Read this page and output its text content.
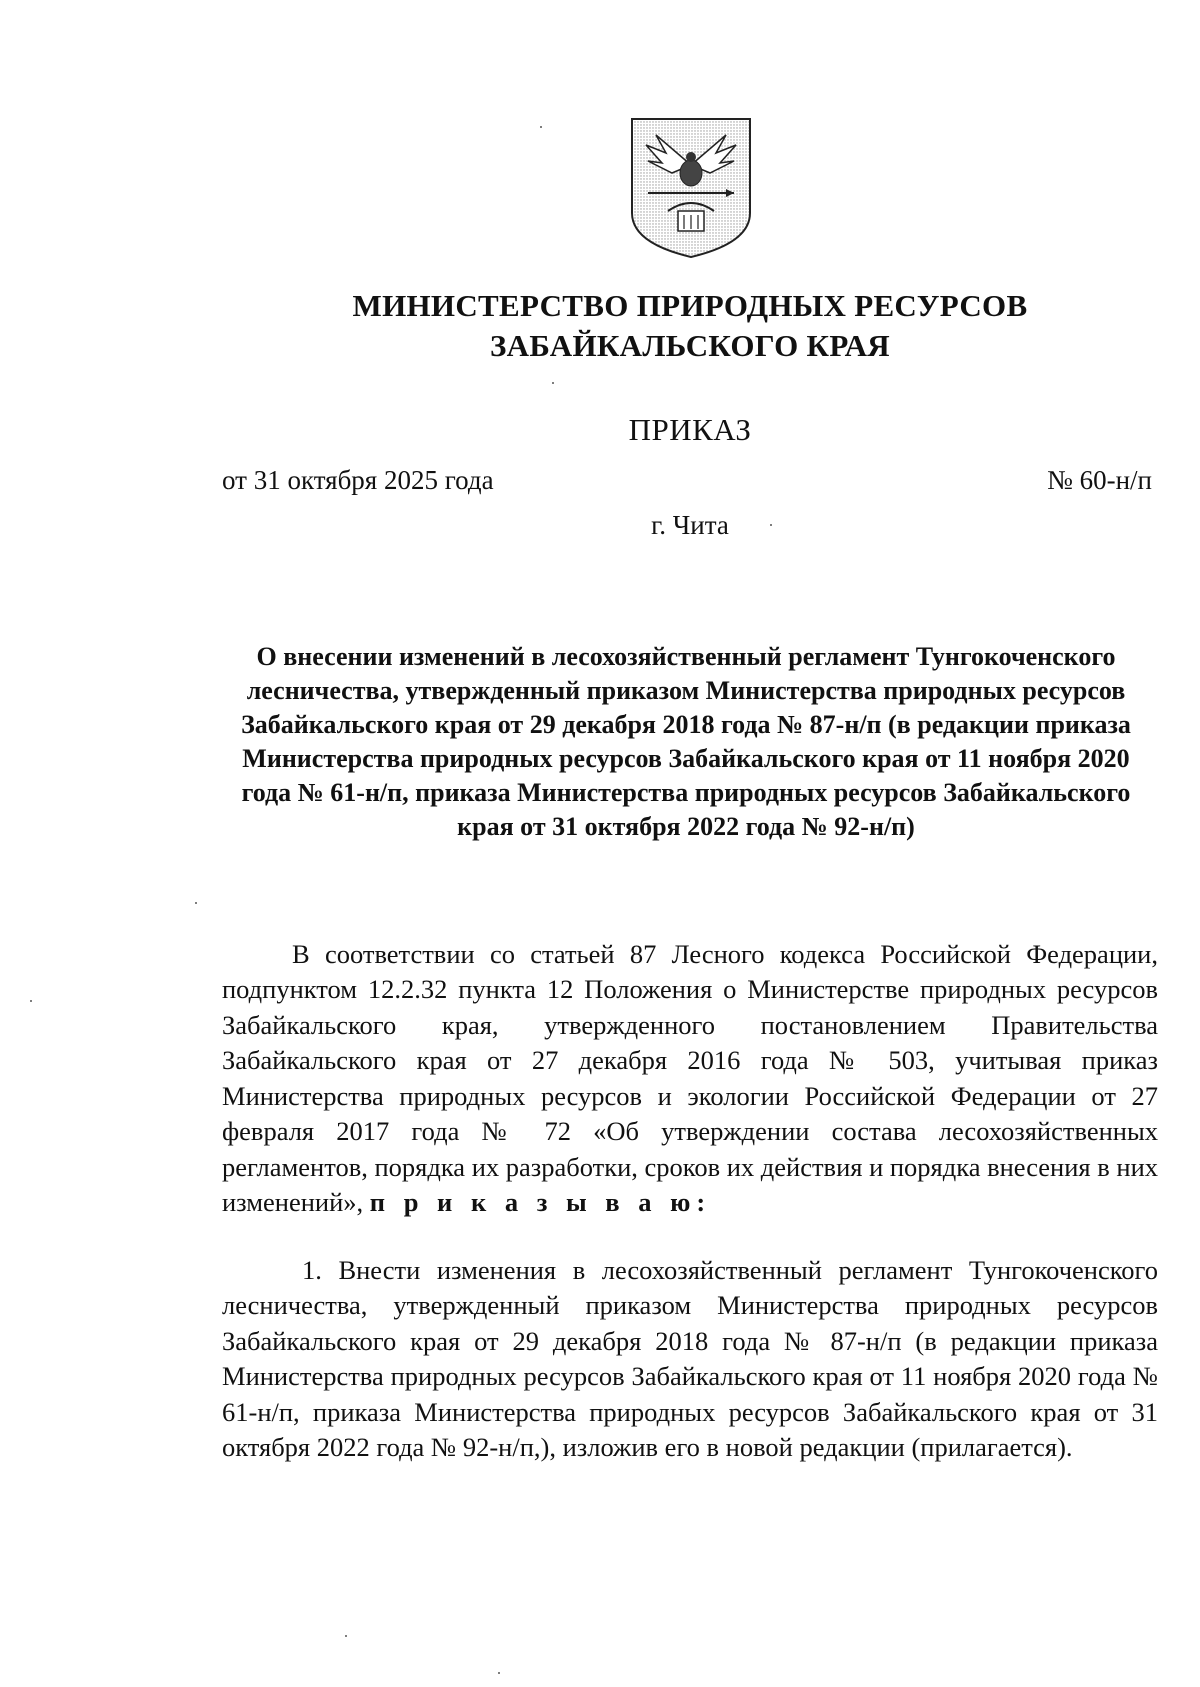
МИНИСТЕРСТВО ПРИРОДНЫХ РЕСУРСОВ
ЗАБАЙКАЛЬСКОГО КРАЯ
ПРИКАЗ
от 31 октября 2025 года	№ 60-н/п
г. Чита
О внесении изменений в лесохозяйственный регламент Тунгокоченского лесничества, утвержденный приказом Министерства природных ресурсов Забайкальского края от 29 декабря 2018 года № 87-н/п (в редакции приказа Министерства природных ресурсов Забайкальского края от 11 ноября 2020 года № 61-н/п, приказа Министерства природных ресурсов Забайкальского края от 31 октября 2022 года № 92-н/п)

В соответствии со статьей 87 Лесного кодекса Российской Федерации, подпунктом 12.2.32 пункта 12 Положения о Министерстве природных ресурсов Забайкальского края, утвержденного постановлением Правительства Забайкальского края от 27 декабря 2016 года № 503, учитывая приказ Министерства природных ресурсов и экологии Российской Федерации от 27 февраля 2017 года № 72 «Об утверждении состава лесохозяйственных регламентов, порядка их разработки, сроков их действия и порядка внесения в них изменений», п р и к а з ы в а ю:

1. Внести изменения в лесохозяйственный регламент Тунгокоченского лесничества, утвержденный приказом Министерства природных ресурсов Забайкальского края от 29 декабря 2018 года № 87-н/п (в редакции приказа Министерства природных ресурсов Забайкальского края от 11 ноября 2020 года № 61-н/п, приказа Министерства природных ресурсов Забайкальского края от 31 октября 2022 года № 92-н/п,), изложив его в новой редакции (прилагается).
